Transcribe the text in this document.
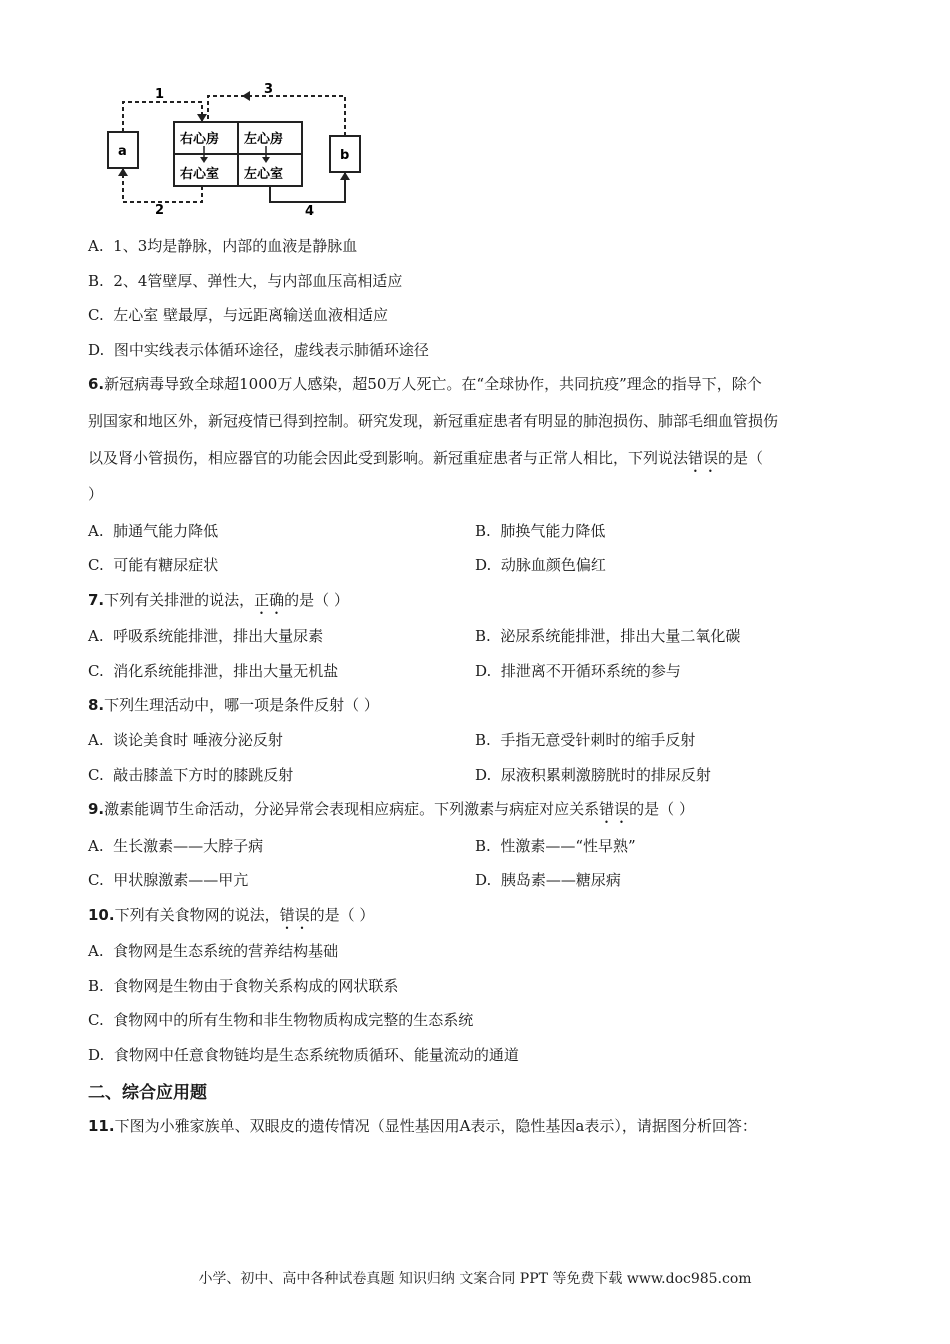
1	3
2	4
a	b
右心房 左心房
右心室 左心室
A. 1、3均是静脉，内部的血液是静脉血
B. 2、4管壁厚、弹性大，与内部血压高相适应
C. 左心室 壁最厚，与远距离输送血液相适应
D. 图中实线表示体循环途径，虚线表示肺循环途径
6.新冠病毒导致全球超1000万人感染，超50万人死亡。在“全球协作，共同抗疫”理念的指导下，除个
别国家和地区外，新冠疫情已得到控制。研究发现，新冠重症患者有明显的肺泡损伤、肺部毛细血管损伤
以及肾小管损伤，相应器官的功能会因此受到影响。新冠重症患者与正常人相比，下列说法错误的是（
）
A. 肺通气能力降低	B. 肺换气能力降低
C. 可能有糖尿症状	D. 动脉血颜色偏红
7.下列有关排泄的说法，正确的是（ ）
A. 呼吸系统能排泄，排出大量尿素	B. 泌尿系统能排泄，排出大量二氧化碳
C. 消化系统能排泄，排出大量无机盐	D. 排泄离不开循环系统的参与
8.下列生理活动中，哪一项是条件反射（ ）
A. 谈论美食时 唾液分泌反射	B. 手指无意受针刺时的缩手反射
C. 敲击膝盖下方时的膝跳反射	D. 尿液积累刺激膀胱时的排尿反射
9.激素能调节生命活动，分泌异常会表现相应病症。下列激素与病症对应关系错误的是（ ）
A. 生长激素——大脖子病	B. 性激素——“性早熟”
C. 甲状腺激素——甲亢	D. 胰岛素——糖尿病
10.下列有关食物网的说法，错误的是（ ）
A. 食物网是生态系统的营养结构基础
B. 食物网是生物由于食物关系构成的网状联系
C. 食物网中的所有生物和非生物物质构成完整的生态系统
D. 食物网中任意食物链均是生态系统物质循环、能量流动的通道
二、综合应用题
11.下图为小雅家族单、双眼皮的遗传情况（显性基因用A表示，隐性基因a表示），请据图分析回答：
小学、初中、高中各种试卷真题 知识归纳 文案合同 PPT 等免费下载 www.doc985.com
